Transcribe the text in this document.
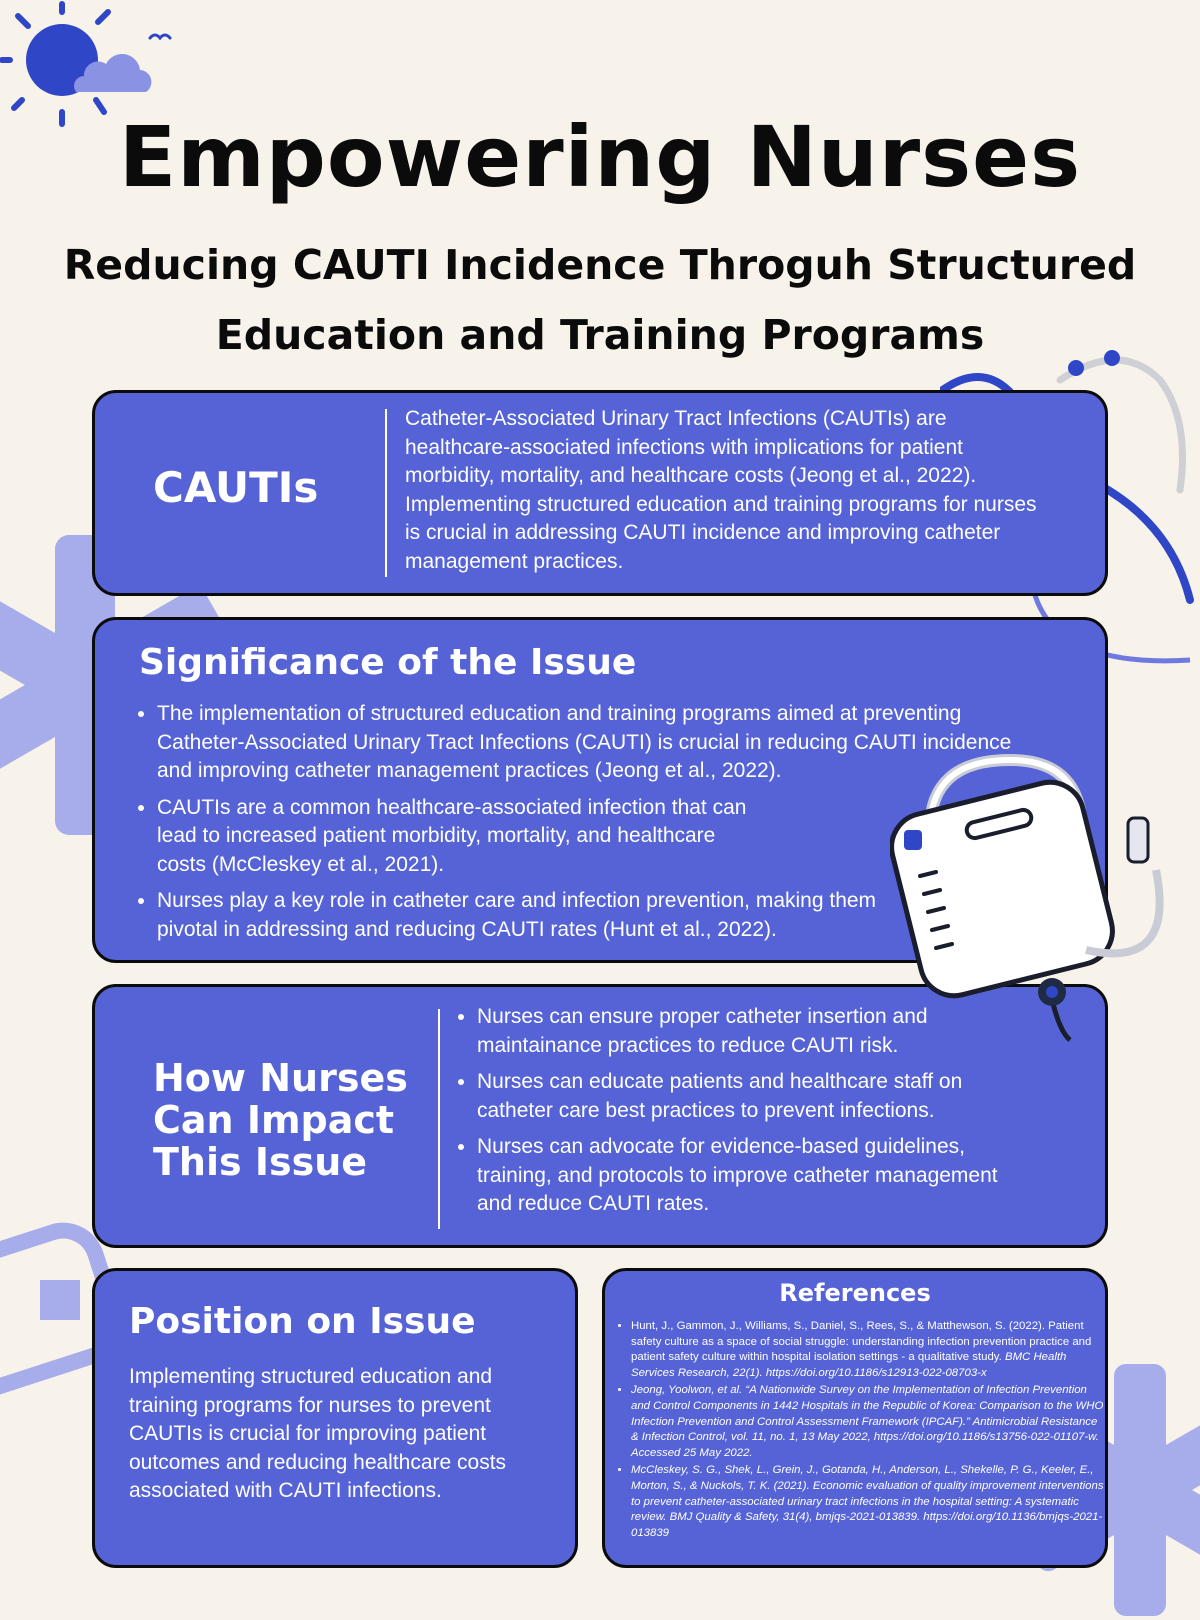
Empowering Nurses
Reducing CAUTI Incidence Throguh Structured
Education and Training Programs
CAUTIs

Catheter-Associated Urinary Tract Infections (CAUTIs) are healthcare-associated infections with implications for patient morbidity, mortality, and healthcare costs (Jeong et al., 2022). Implementing structured education and training programs for nurses is crucial in addressing CAUTI incidence and improving catheter management practices.

Significance of the Issue
• The implementation of structured education and training programs aimed at preventing Catheter-Associated Urinary Tract Infections (CAUTI) is crucial in reducing CAUTI incidence and improving catheter management practices (Jeong et al., 2022).
• CAUTIs are a common healthcare-associated infection that can lead to increased patient morbidity, mortality, and healthcare costs (McCleskey et al., 2021).
• Nurses play a key role in catheter care and infection prevention, making them pivotal in addressing and reducing CAUTI rates (Hunt et al., 2022).
How Nurses
Can Impact
This Issue
• Nurses can ensure proper catheter insertion and maintainance practices to reduce CAUTI risk.
• Nurses can educate patients and healthcare staff on catheter care best practices to prevent infections.
• Nurses can advocate for evidence-based guidelines, training, and protocols to improve catheter management and reduce CAUTI rates.
Position on Issue

Implementing structured education and training programs for nurses to prevent CAUTIs is crucial for improving patient outcomes and reducing healthcare costs associated with CAUTI infections.

References
• Hunt, J., Gammon, J., Williams, S., Daniel, S., Rees, S., & Matthewson, S. (2022). Patient safety culture as a space of social struggle: understanding infection prevention practice and patient safety culture within hospital isolation settings - a qualitative study. BMC Health Services Research, 22(1). https://doi.org/10.1186/s12913-022-08703-x
• Jeong, Yoolwon, et al. “A Nationwide Survey on the Implementation of Infection Prevention and Control Components in 1442 Hospitals in the Republic of Korea: Comparison to the WHO Infection Prevention and Control Assessment Framework (IPCAF).” Antimicrobial Resistance & Infection Control, vol. 11, no. 1, 13 May 2022, https://doi.org/10.1186/s13756-022-01107-w. Accessed 25 May 2022.
• McCleskey, S. G., Shek, L., Grein, J., Gotanda, H., Anderson, L., Shekelle, P. G., Keeler, E., Morton, S., & Nuckols, T. K. (2021). Economic evaluation of quality improvement interventions to prevent catheter-associated urinary tract infections in the hospital setting: A systematic review. BMJ Quality & Safety, 31(4), bmjqs-2021-013839. https://doi.org/10.1136/bmjqs-2021-013839
